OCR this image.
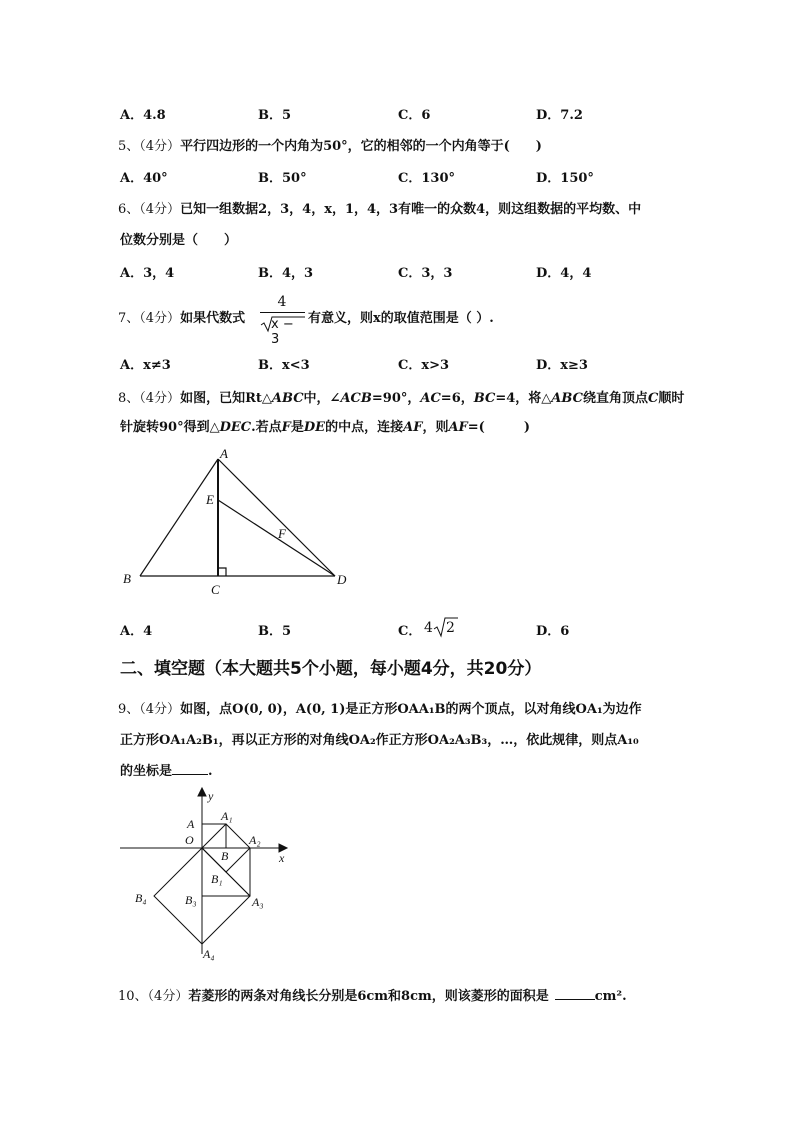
A．4.8	B．5	C．6	D．7.2
5、（4分）平行四边形的一个内角为50°，它的相邻的一个内角等于(　　)
A．40°	B．50°	C．130°	D．150°
6、（4分）已知一组数据2，3，4，x，1，4，3有唯一的众数4，则这组数据的平均数、中
位数分别是（　　）
A．3，4	B．4，3	C．3，3	D．4，4
7、（4分）如果代数式
4
x − 3
有意义，则x的取值范围是（ ）.
A．x≠3	B．x<3	C．x>3	D．x≥3
8、（4分）如图，已知Rt△ABC中，∠ACB=90°，AC=6，BC=4，将△ABC绕直角顶点C顺时
针旋转90°得到△DEC.若点F是DE的中点，连接AF，则AF=(　　　)
A
E
F
B
C
D
A．4	B．5	C． 4 2	D．6
二、填空题（本大题共5个小题，每小题4分，共20分）
9、（4分）如图，点O(0, 0)，A(0, 1)是正方形OAA₁B的两个顶点，以对角线OA₁为边作
正方形OA₁A₂B₁，再以正方形的对角线OA₂作正方形OA₂A₃B₃，…，依此规律，则点A₁₀
的坐标是	.
y
x
A
O
A₁
A₂
B
B₁
B₃	A₃
B₄
A₄
10、（4分）若菱形的两条对角线长分别是6cm和8cm，则该菱形的面积是	cm².
